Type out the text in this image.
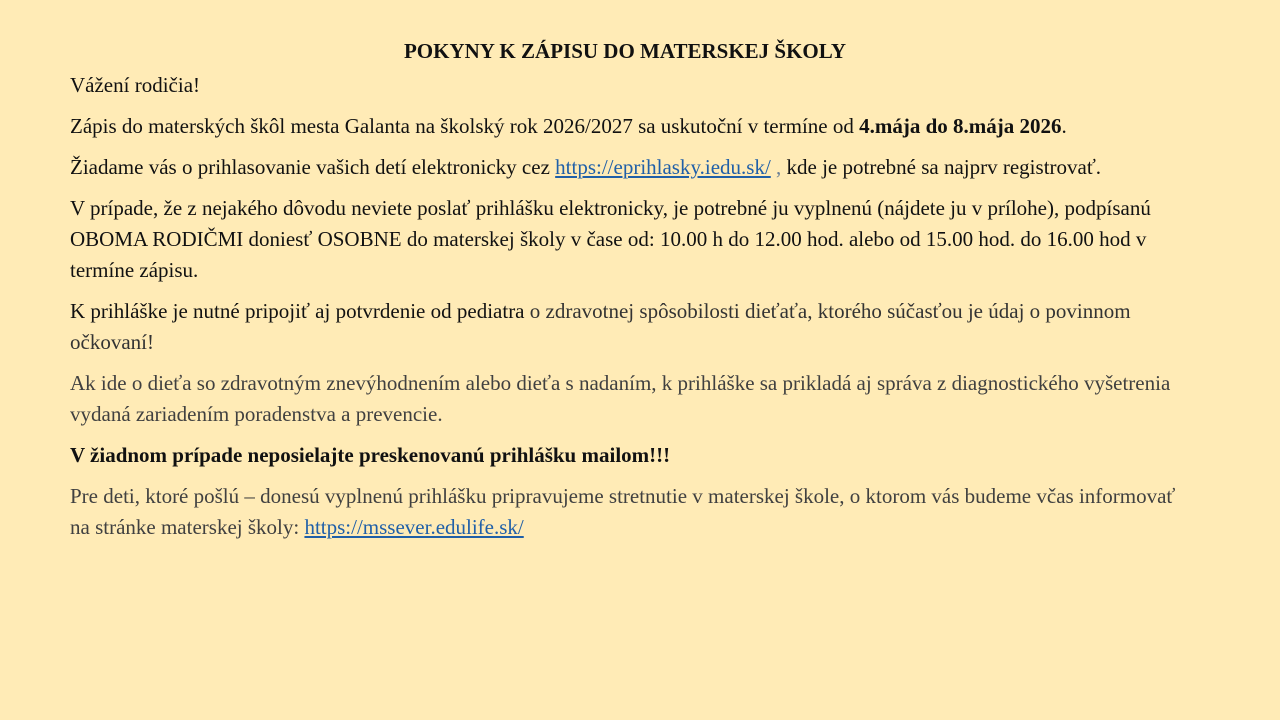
POKYNY K ZÁPISU DO MATERSKEJ ŠKOLY
Vážení rodičia!
Zápis do materských škôl mesta Galanta na školský rok 2026/2027 sa uskutoční v termíne od 4.mája do 8.mája 2026.
Žiadame vás o prihlasovanie vašich detí elektronicky cez https://eprihlasky.iedu.sk/ , kde je potrebné sa najprv registrovať.
V prípade, že z nejakého dôvodu neviete poslať prihlášku elektronicky, je potrebné ju vyplnenú (nájdete ju v prílohe), podpísanú OBOMA RODIČMI doniesť OSOBNE do materskej školy v čase od: 10.00 h do 12.00 hod. alebo od 15.00 hod. do 16.00 hod v termíne zápisu.
K prihláške je nutné pripojiť aj potvrdenie od pediatra o zdravotnej spôsobilosti dieťaťa, ktorého súčasťou je údaj o povinnom očkovaní!
Ak ide o dieťa so zdravotným znevýhodnením alebo dieťa s nadaním, k prihláške sa prikladá aj správa z diagnostického vyšetrenia vydaná zariadením poradenstva a prevencie.
V žiadnom prípade neposielajte preskenovanú prihlášku mailom!!!
Pre deti, ktoré pošlú – donesú vyplnenú prihlášku pripravujeme stretnutie v materskej škole, o ktorom vás budeme včas informovať na stránke materskej školy: https://mssever.edulife.sk/
